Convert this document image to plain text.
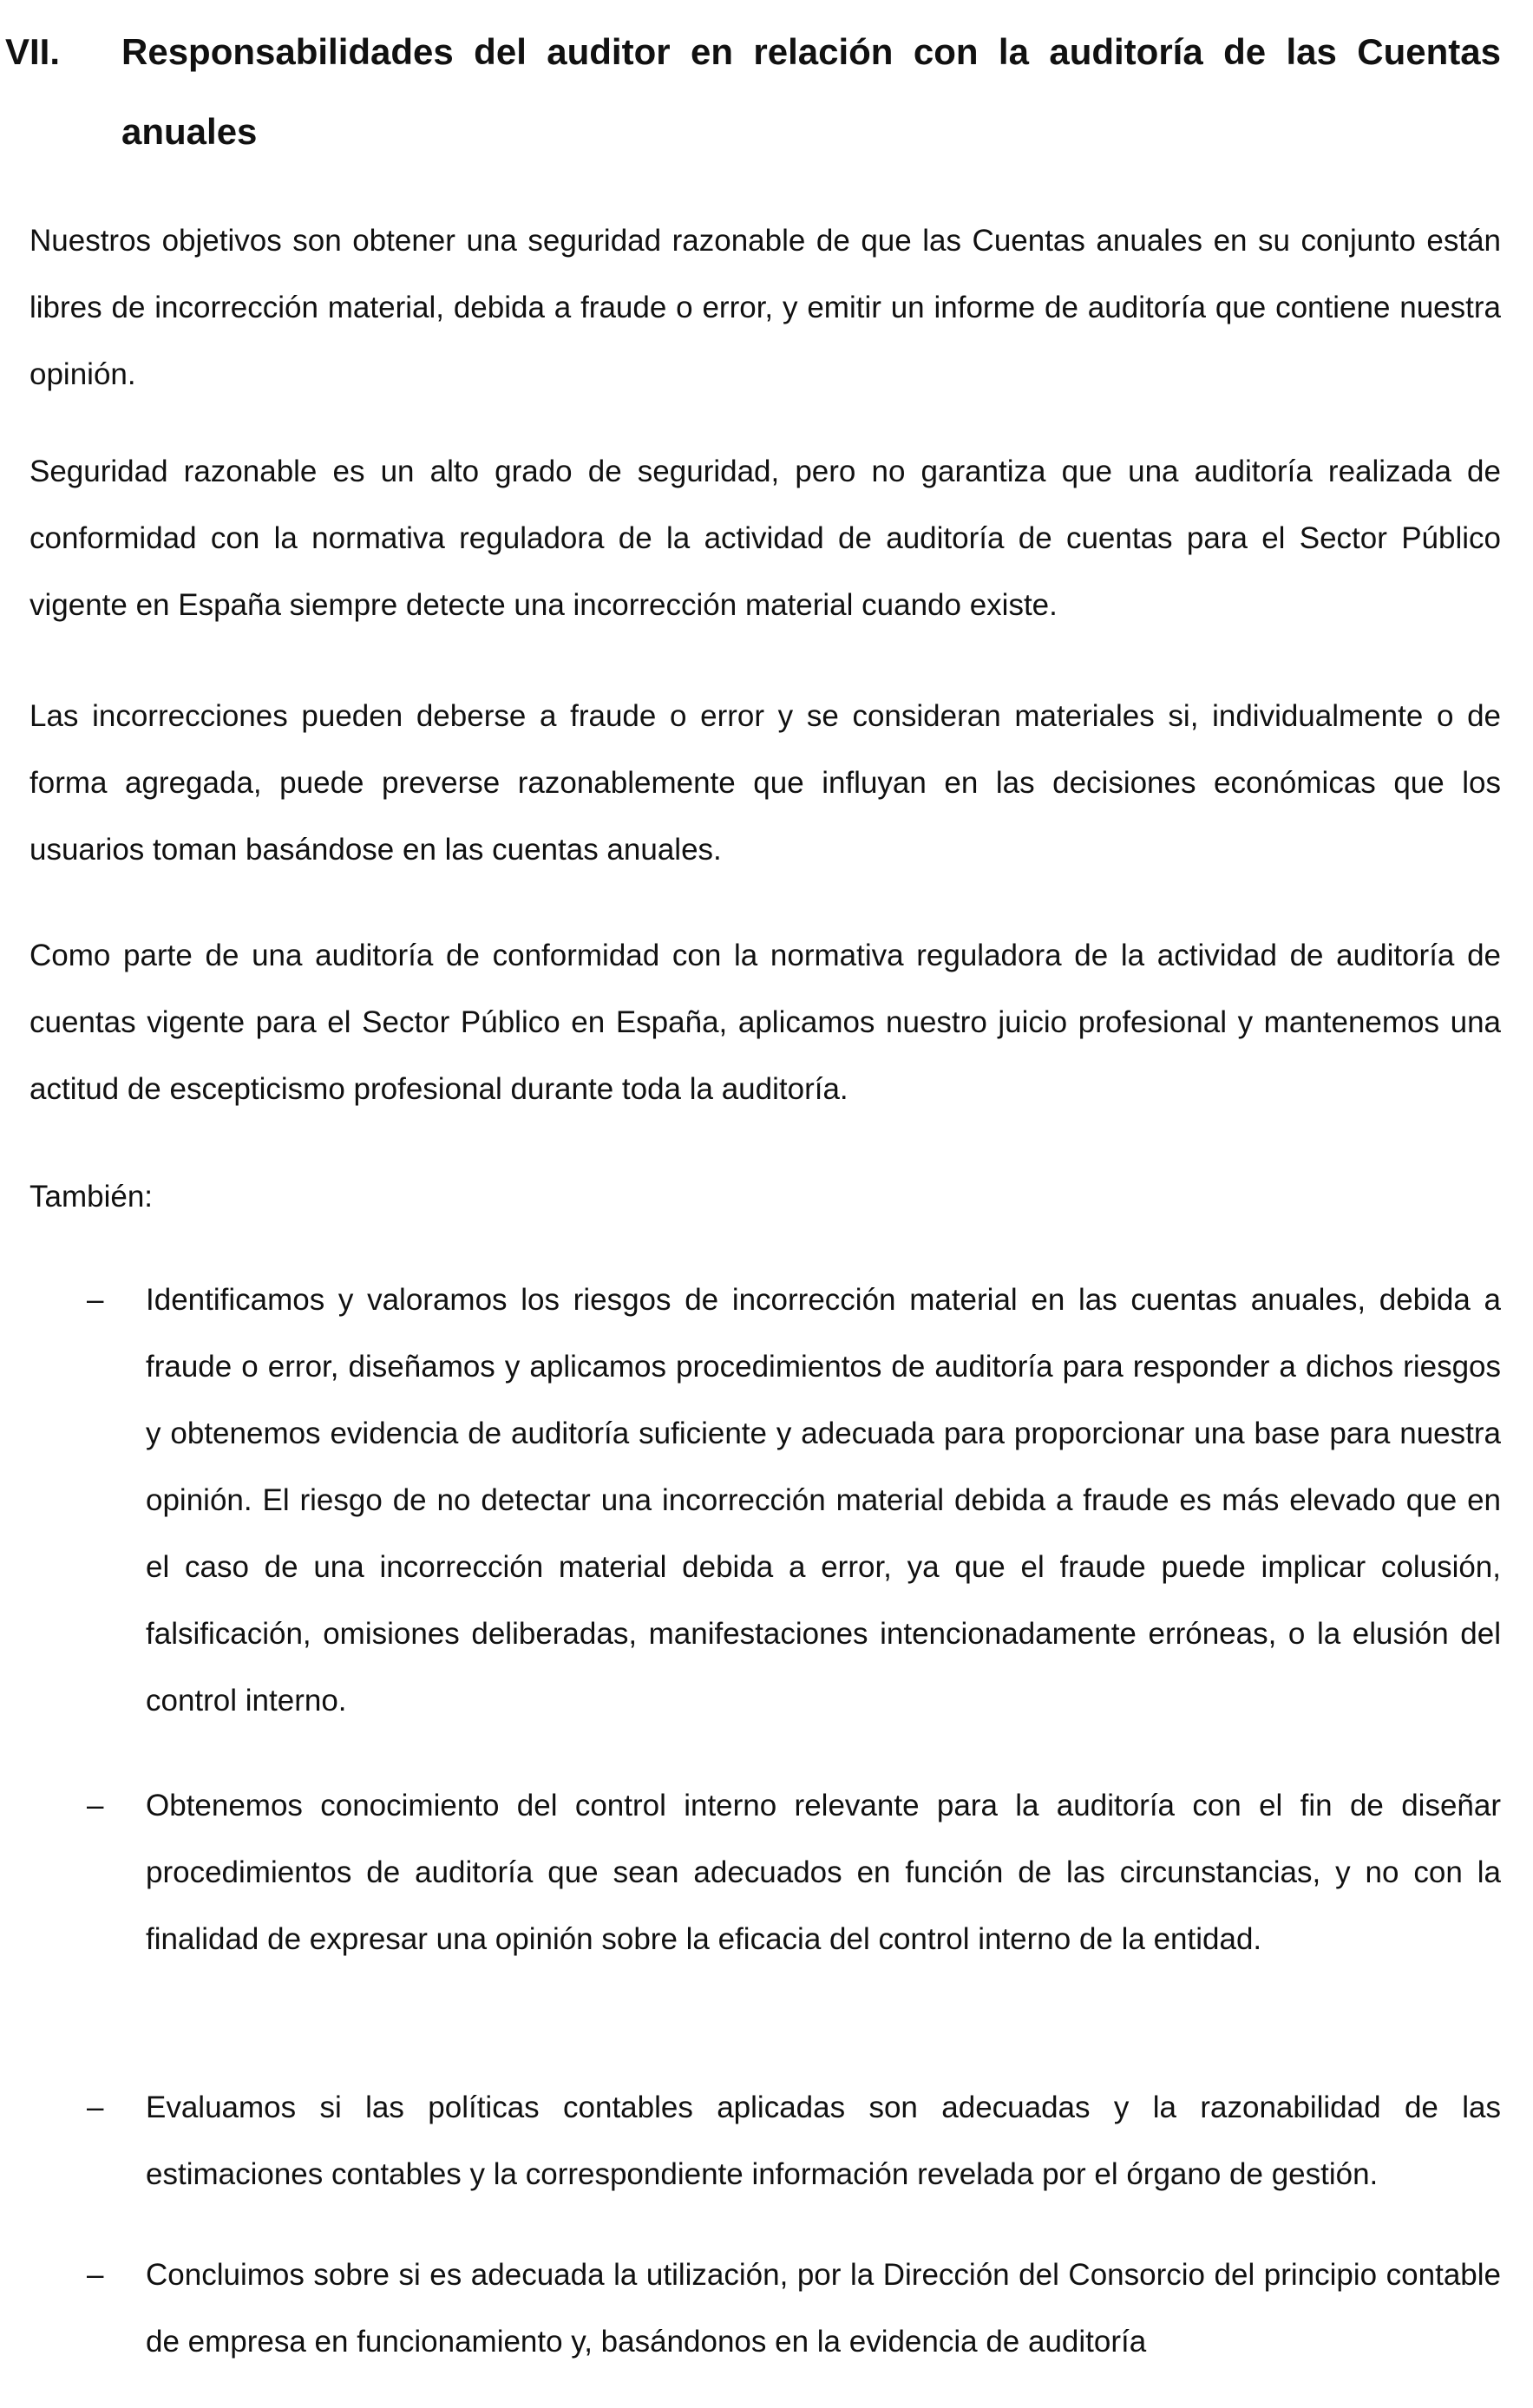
VII.	Responsabilidades del auditor en relación con la auditoría de las Cuentas anuales

Nuestros objetivos son obtener una seguridad razonable de que las Cuentas anuales en su conjunto están libres de incorrección material, debida a fraude o error, y emitir un informe de auditoría que contiene nuestra opinión.

Seguridad razonable es un alto grado de seguridad, pero no garantiza que una auditoría realizada de conformidad con la normativa reguladora de la actividad de auditoría de cuentas para el Sector Público vigente en España siempre detecte una incorrección material cuando existe.

Las incorrecciones pueden deberse a fraude o error y se consideran materiales si, individualmente o de forma agregada, puede preverse razonablemente que influyan en las decisiones económicas que los usuarios toman basándose en las cuentas anuales.

Como parte de una auditoría de conformidad con la normativa reguladora de la actividad de auditoría de cuentas vigente para el Sector Público en España, aplicamos nuestro juicio profesional y mantenemos una actitud de escepticismo profesional durante toda la auditoría.

También:

–	Identificamos y valoramos los riesgos de incorrección material en las cuentas anuales, debida a fraude o error, diseñamos y aplicamos procedimientos de auditoría para responder a dichos riesgos y obtenemos evidencia de auditoría suficiente y adecuada para proporcionar una base para nuestra opinión. El riesgo de no detectar una incorrección material debida a fraude es más elevado que en el caso de una incorrección material debida a error, ya que el fraude puede implicar colusión, falsificación, omisiones deliberadas, manifestaciones intencionadamente erróneas, o la elusión del control interno.

–	Obtenemos conocimiento del control interno relevante para la auditoría con el fin de diseñar procedimientos de auditoría que sean adecuados en función de las circunstancias, y no con la finalidad de expresar una opinión sobre la eficacia del control interno de la entidad.

–	Evaluamos si las políticas contables aplicadas son adecuadas y la razonabilidad de las estimaciones contables y la correspondiente información revelada por el órgano de gestión.

–	Concluimos sobre si es adecuada la utilización, por la Dirección del Consorcio del principio contable de empresa en funcionamiento y, basándonos en la evidencia de auditoría
